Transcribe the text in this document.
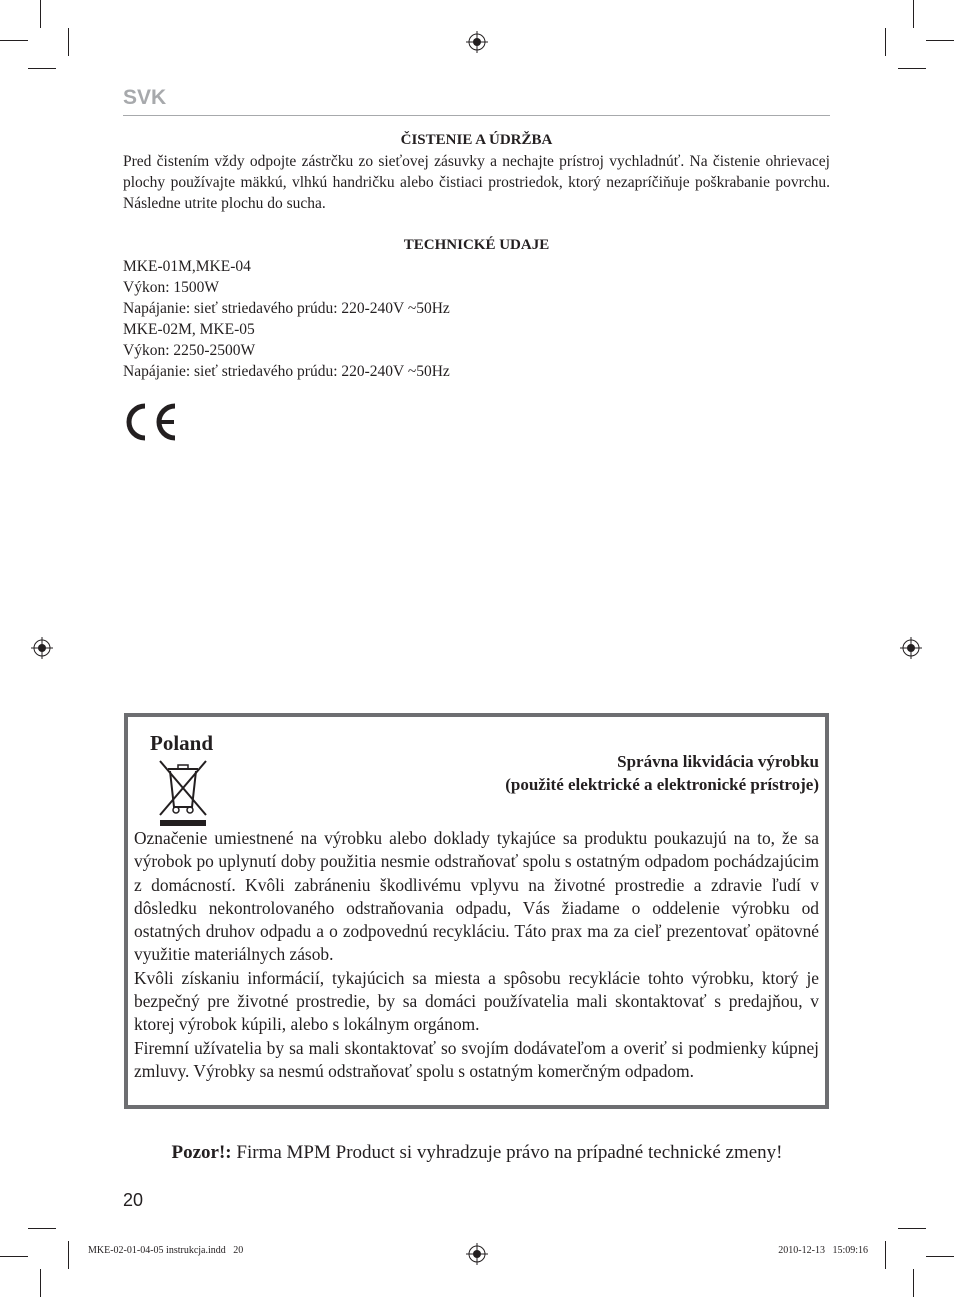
SVK

ČISTENIE A ÚDRŽBA

Pred čistením vždy odpojte zástrčku zo sieťovej zásuvky a nechajte prístroj vychladnúť. Na čistenie ohrievacej plochy používajte mäkkú, vlhkú handričku alebo čistiaci prostriedok, ktorý nezapríčiňuje poškrabanie povrchu. Následne utrite plochu do sucha.

TECHNICKÉ UDAJE

MKE-01M,MKE-04

Výkon: 1500W

Napájanie: sieť striedavého prúdu: 220-240V ~50Hz

MKE-02M, MKE-05

Výkon: 2250-2500W

Napájanie: sieť striedavého prúdu: 220-240V ~50Hz

Poland
Správna likvidácia výrobku
(použité elektrické a elektronické prístroje)

Označenie umiestnené na výrobku alebo doklady tykajúce sa produktu poukazujú na to, že sa výrobok po uplynutí doby použitia nesmie odstraňovať spolu s ostatným odpadom pochádzajúcim z domácností. Kvôli zabráneniu škodlivému vplyvu na životné prostredie a zdravie ľudí v dôsledku nekontrolovaného odstraňovania odpadu, Vás žiadame o oddelenie výrobku od ostatných druhov odpadu a o zodpovednú recykláciu. Táto prax ma za cieľ prezentovať opätovné využitie materiálnych zásob.

Kvôli získaniu informácií, tykajúcich sa miesta a spôsobu recyklácie tohto výrobku, ktorý je bezpečný pre životné prostredie, by sa domáci používatelia mali skontaktovať s predajňou, v ktorej výrobok kúpili, alebo s lokálnym orgánom.

Firemní užívatelia by sa mali skontaktovať so svojím dodávateľom a overiť si podmienky kúpnej zmluvy. Výrobky sa nesmú odstraňovať spolu s ostatným komerčným odpadom.

Pozor!: Firma MPM Product si vyhradzuje právo na prípadné technické zmeny!
20
MKE-02-01-04-05 instrukcja.indd   20	2010-12-13   15:09:16
